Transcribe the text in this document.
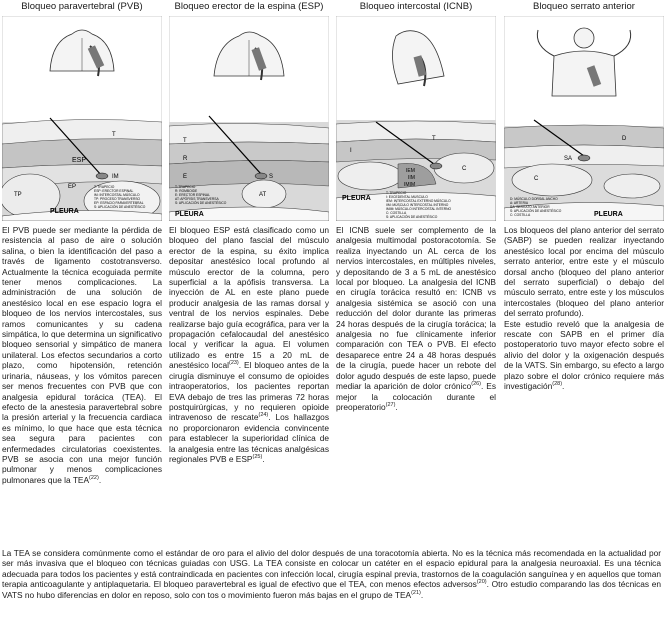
Bloqueo paravertebral (PVB)
T
ESP
IM
TP
EP
PLEURA
T: TRAPECIO
ESP: ERECTOR ESPINAL
IM: INTERCOSTAL MÚSCULO
TP: PROCESO TRANSVERSO
EP: ESPACIO PARAVERTEBRAL
S: APLICACIÓN DE ANESTÉSICO
El PVB puede ser mediante la pérdida de resistencia al paso de aire o solución salina, o bien la identificación del paso a través de ligamento costotransverso. Actualmente la técnica ecoguiada permite tener menos complicaciones. La administración de una solución de anestésico local en ese espacio logra el bloqueo de los nervios intercostales, sus ramos comunicantes y su cadena simpática, lo que determina un significativo bloqueo sensorial y simpático de manera unilateral. Los efectos secundarios a corto plazo, como hipotensión, retención urinaria, náuseas, y los vómitos parecen ser menos frecuentes con PVB que con analgesia epidural torácica (TEA). El efecto de la anestesia paravertebral sobre la presión arterial y la frecuencia cardiaca es mínimo, lo que hace que esta técnica sea segura para pacientes con enfermedades circulatorias coexistentes. PVB se asocia con una mejor función pulmonar y menos complicaciones pulmonares que la TEA$^{(22)}$.
Bloqueo erector de la espina (ESP)
T
R
E	S
AT
PLEURA
T: TRAPECIO
R: ROMBOIDE
E: ERECTOR ESPINAL
AT: APÓFISIS TRANSVERSA
S: APLICACIÓN DE ANESTÉSICO
El bloqueo ESP está clasificado como un bloqueo del plano fascial del músculo erector de la espina, su éxito implica depositar anestésico local profundo al músculo erector de la columna, pero superficial a la apófisis transversa. La inyección de AL en este plano puede producir analgesia de las ramas dorsal y ventral de los nervios espinales. Debe realizarse bajo guía ecográfica, para ver la propagación cefalocaudal del anestésico local y verificar la agua. El volumen utilizado es entre 15 a 20 mL de anestésico local$^{(23)}$. El bloqueo antes de la cirugía disminuye el consumo de opioides intraoperatorios, los pacientes reportan EVA debajo de tres las primeras 72 horas postquirúrgicas, y no requieren opioide intravenoso de rescate$^{(24)}$. Los hallazgos no proporcionaron evidencia convincente para establecer la superioridad clínica de la analgesia entre las técnicas analgésicas regionales PVB e ESP$^{(25)}$.
Bloqueo intercostal (ICNB)
I
T
IEM
IIM
IMIM
C
PLEURA
T: TRAPECIO
I: EXCEDENTAL MUSCULO
IEM: INTERCOSTAL EXTERNO MÚSCULO
IIM: MÚSCULO INTERCOSTAL INTERNO
IMIM: MÚSCULO INTERCOSTAL INTERNO
C: COSTILLA
S: APLICACIÓN DE ANESTÉSICO
El ICNB suele ser complemento de la analgesia multimodal postoracotomía. Se realiza inyectando un AL cerca de los nervios intercostales, en múltiples niveles, y depositando de 3 a 5 mL de anestésico local por bloqueo. La analgesia del ICNB en cirugía torácica resultó en: ICNB vs analgesia sistémica se asoció con una reducción del dolor durante las primeras 24 horas después de la cirugía torácica; la analgesia no fue clínicamente inferior comparación con TEA o PVB. El efecto desaparece entre 24 a 48 horas después de la cirugía, puede hacer un rebote del dolor agudo después de este lapso, puede mediar la aparición de dolor crónico$^{(26)}$. Es mejor la colocación durante el preoperatorio$^{(27)}$.
Bloqueo serrato anterior
D
SA
C
PLEURA
D: MÚSCULO DORSAL ANCHO
A: ARTERIA
SA: SERRATO ANTERIOR
S: APLICACIÓN DE ANESTÉSICO
C: COSTILLA

Los bloqueos del plano anterior del serrato (SABP) se pueden realizar inyectando anestésico local por encima del músculo serrato anterior, entre este y el músculo dorsal ancho (bloqueo del plano anterior del serrato superficial) o debajo del músculo serrato, entre este y los músculos intercostales (bloqueo del plano anterior del serrato profundo).

Este estudio reveló que la analgesia de rescate con SAPB en el primer día postoperatorio tuvo mayor efecto sobre el alivio del dolor y la oxigenación después de la VATS. Sin embargo, su efecto a largo plazo sobre el dolor crónico requiere más investigación$^{(28)}$.

La TEA se considera comúnmente como el estándar de oro para el alivio del dolor después de una toracotomía abierta. No es la técnica más recomendada en la actualidad por ser más invasiva que el bloqueo con técnicas guiadas con USG. La TEA consiste en colocar un catéter en el espacio epidural para la analgesia neuroaxial. Es una técnica adecuada para todos los pacientes y está contraindicada en pacientes con infección local, cirugía espinal previa, trastornos de la coagulación sanguínea y en aquellos que toman terapia anticoagulante y antiplaquetaria. El bloqueo paravertebral es igual de efectivo que el TEA, con menos efectos adversos$^{(20)}$. Otro estudio comparando las dos técnicas en VATS no hubo diferencias en dolor en reposo, solo con tos o movimiento fueron más bajas en el grupo de TEA$^{(21)}$.
